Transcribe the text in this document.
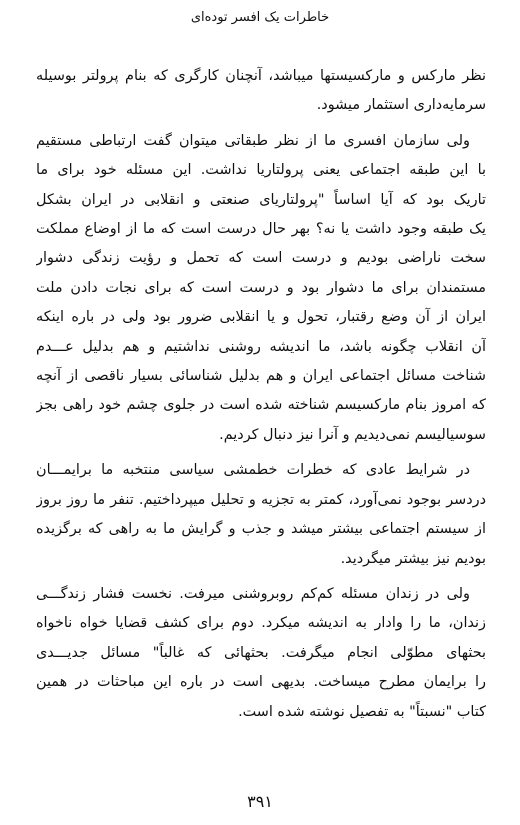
خاطرات یک افسر توده‌ای

نظر مارکس و مارکسیستها میباشد، آنچنان کارگری که بنام پرولتر بوسیله
سرمایه‌داری استثمار میشود.

ولی سازمان افسری ما از نظر طبقاتی میتوان گفت ارتباطی مستقیم
با این طبقه اجتماعی یعنی پرولتاریا نداشت. این مسئله خود برای ما
تاریک بود که آیا اساساً "پرولتاریای صنعتی و انقلابی در ایران بشکل
یک طبقه وجود داشت یا نه؟ بهر حال درست است که ما از اوضاع مملکت
سخت ناراضی بودیم و درست است که تحمل و رؤیت زندگی دشوار
مستمندان برای ما دشوار بود و درست است که برای نجات دادن ملت
ایران از آن وضع رقتبار، تحول و یا انقلابی ضرور بود ولی در باره اینکه
آن انقلاب چگونه باشد، ما اندیشه روشنی نداشتیم و هم بدلیل عـــدم
شناخت مسائل اجتماعی ایران و هم بدلیل شناسائی بسیار ناقصی از آنچه
که امروز بنام مارکسیسم شناخته شده است در جلوی چشم خود راهی بجز
سوسیالیسم نمی‌دیدیم و آنرا نیز دنبال کردیم.

در شرایط عادی که خطرات خطمشی سیاسی منتخبه ما برایمـــان
دردسر بوجود نمی‌آورد، کمتر به تجزیه و تحلیل میپرداختیم. تنفر ما روز بروز
از سیستم اجتماعی بیشتر میشد و جذب و گرایش ما به راهی که برگزیده
بودیم نیز بیشتر میگردید.

ولی در زندان مسئله کم‌کم روبروشنی میرفت. نخست فشار زندگـــی
زندان، ما را وادار به اندیشه میکرد. دوم برای کشف قضایا خواه ناخواه
بحثهای مطوّلی انجام میگرفت. بحثهائی که غالباً" مسائل جدیـــدی
را برایمان مطرح میساخت. بدیهی است در باره این مباحثات در همین
کتاب "نسبتاً" به تفصیل نوشته شده است.

۳۹۱
